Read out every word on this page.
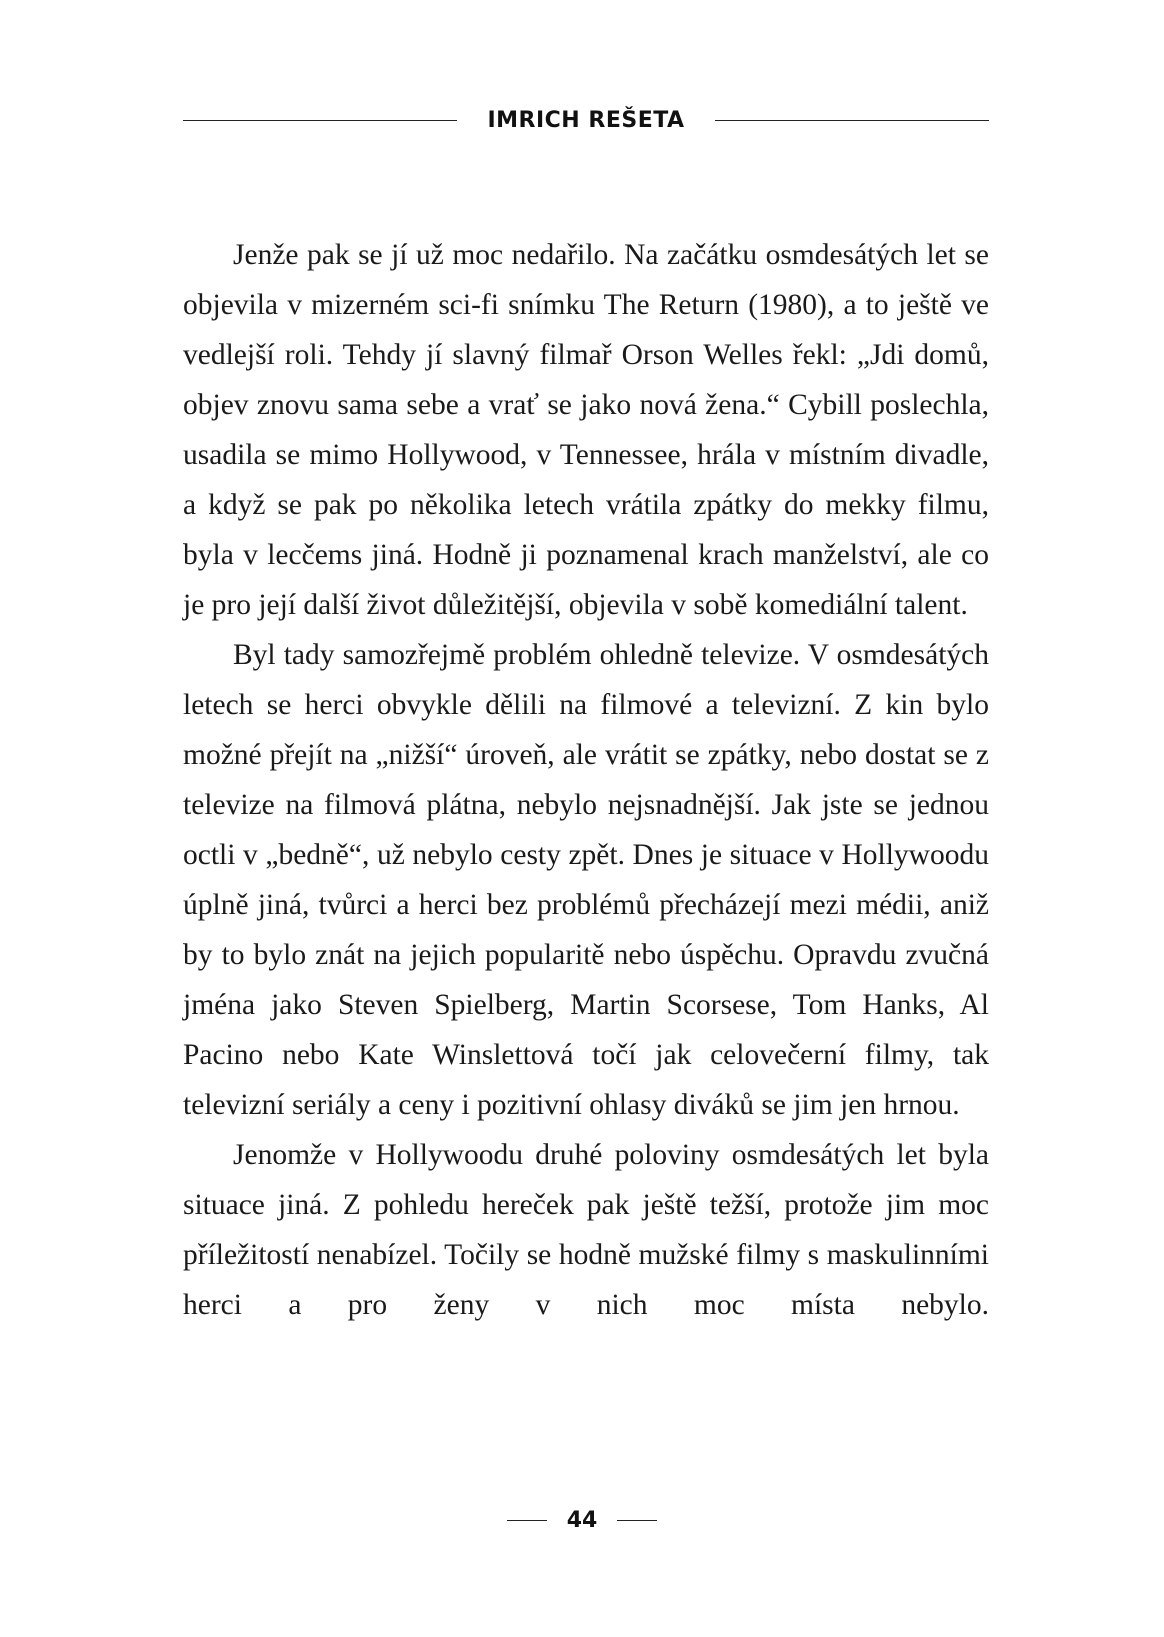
IMRICH REŠETA

Jenže pak se jí už moc nedařilo. Na začátku osmdesátých let se objevila v mizerném sci-fi snímku The Return (1980), a to ještě ve vedlejší roli. Tehdy jí slavný filmař Orson Welles řekl: „Jdi domů, objev znovu sama sebe a vrať se jako nová žena.“ Cybill poslechla, usadila se mimo Hollywood, v Tennessee, hrála v místním divadle, a když se pak po několika letech vrátila zpátky do mekky filmu, byla v lecčems jiná. Hodně ji poznamenal krach manželství, ale co je pro její další život důležitější, objevila v sobě komediální talent.

Byl tady samozřejmě problém ohledně televize. V osmdesátých letech se herci obvykle dělili na filmové a televizní. Z kin bylo možné přejít na „nižší“ úroveň, ale vrátit se zpátky, nebo dostat se z televize na filmová plátna, nebylo nejsnadnější. Jak jste se jednou octli v „bedně“, už nebylo cesty zpět. Dnes je situace v Hollywoodu úplně jiná, tvůrci a herci bez problémů přecházejí mezi médii, aniž by to bylo znát na jejich popularitě nebo úspěchu. Opravdu zvučná jména jako Steven Spielberg, Martin Scorsese, Tom Hanks, Al Pacino nebo Kate Winslettová točí jak celovečerní filmy, tak televizní seriály a ceny i pozitivní ohlasy diváků se jim jen hrnou.

Jenomže v Hollywoodu druhé poloviny osmdesátých let byla situace jiná. Z pohledu hereček pak ještě težší, protože jim moc příležitostí nenabízel. Točily se hodně mužské filmy s maskulinními herci a pro ženy v nich moc místa nebylo.

44
